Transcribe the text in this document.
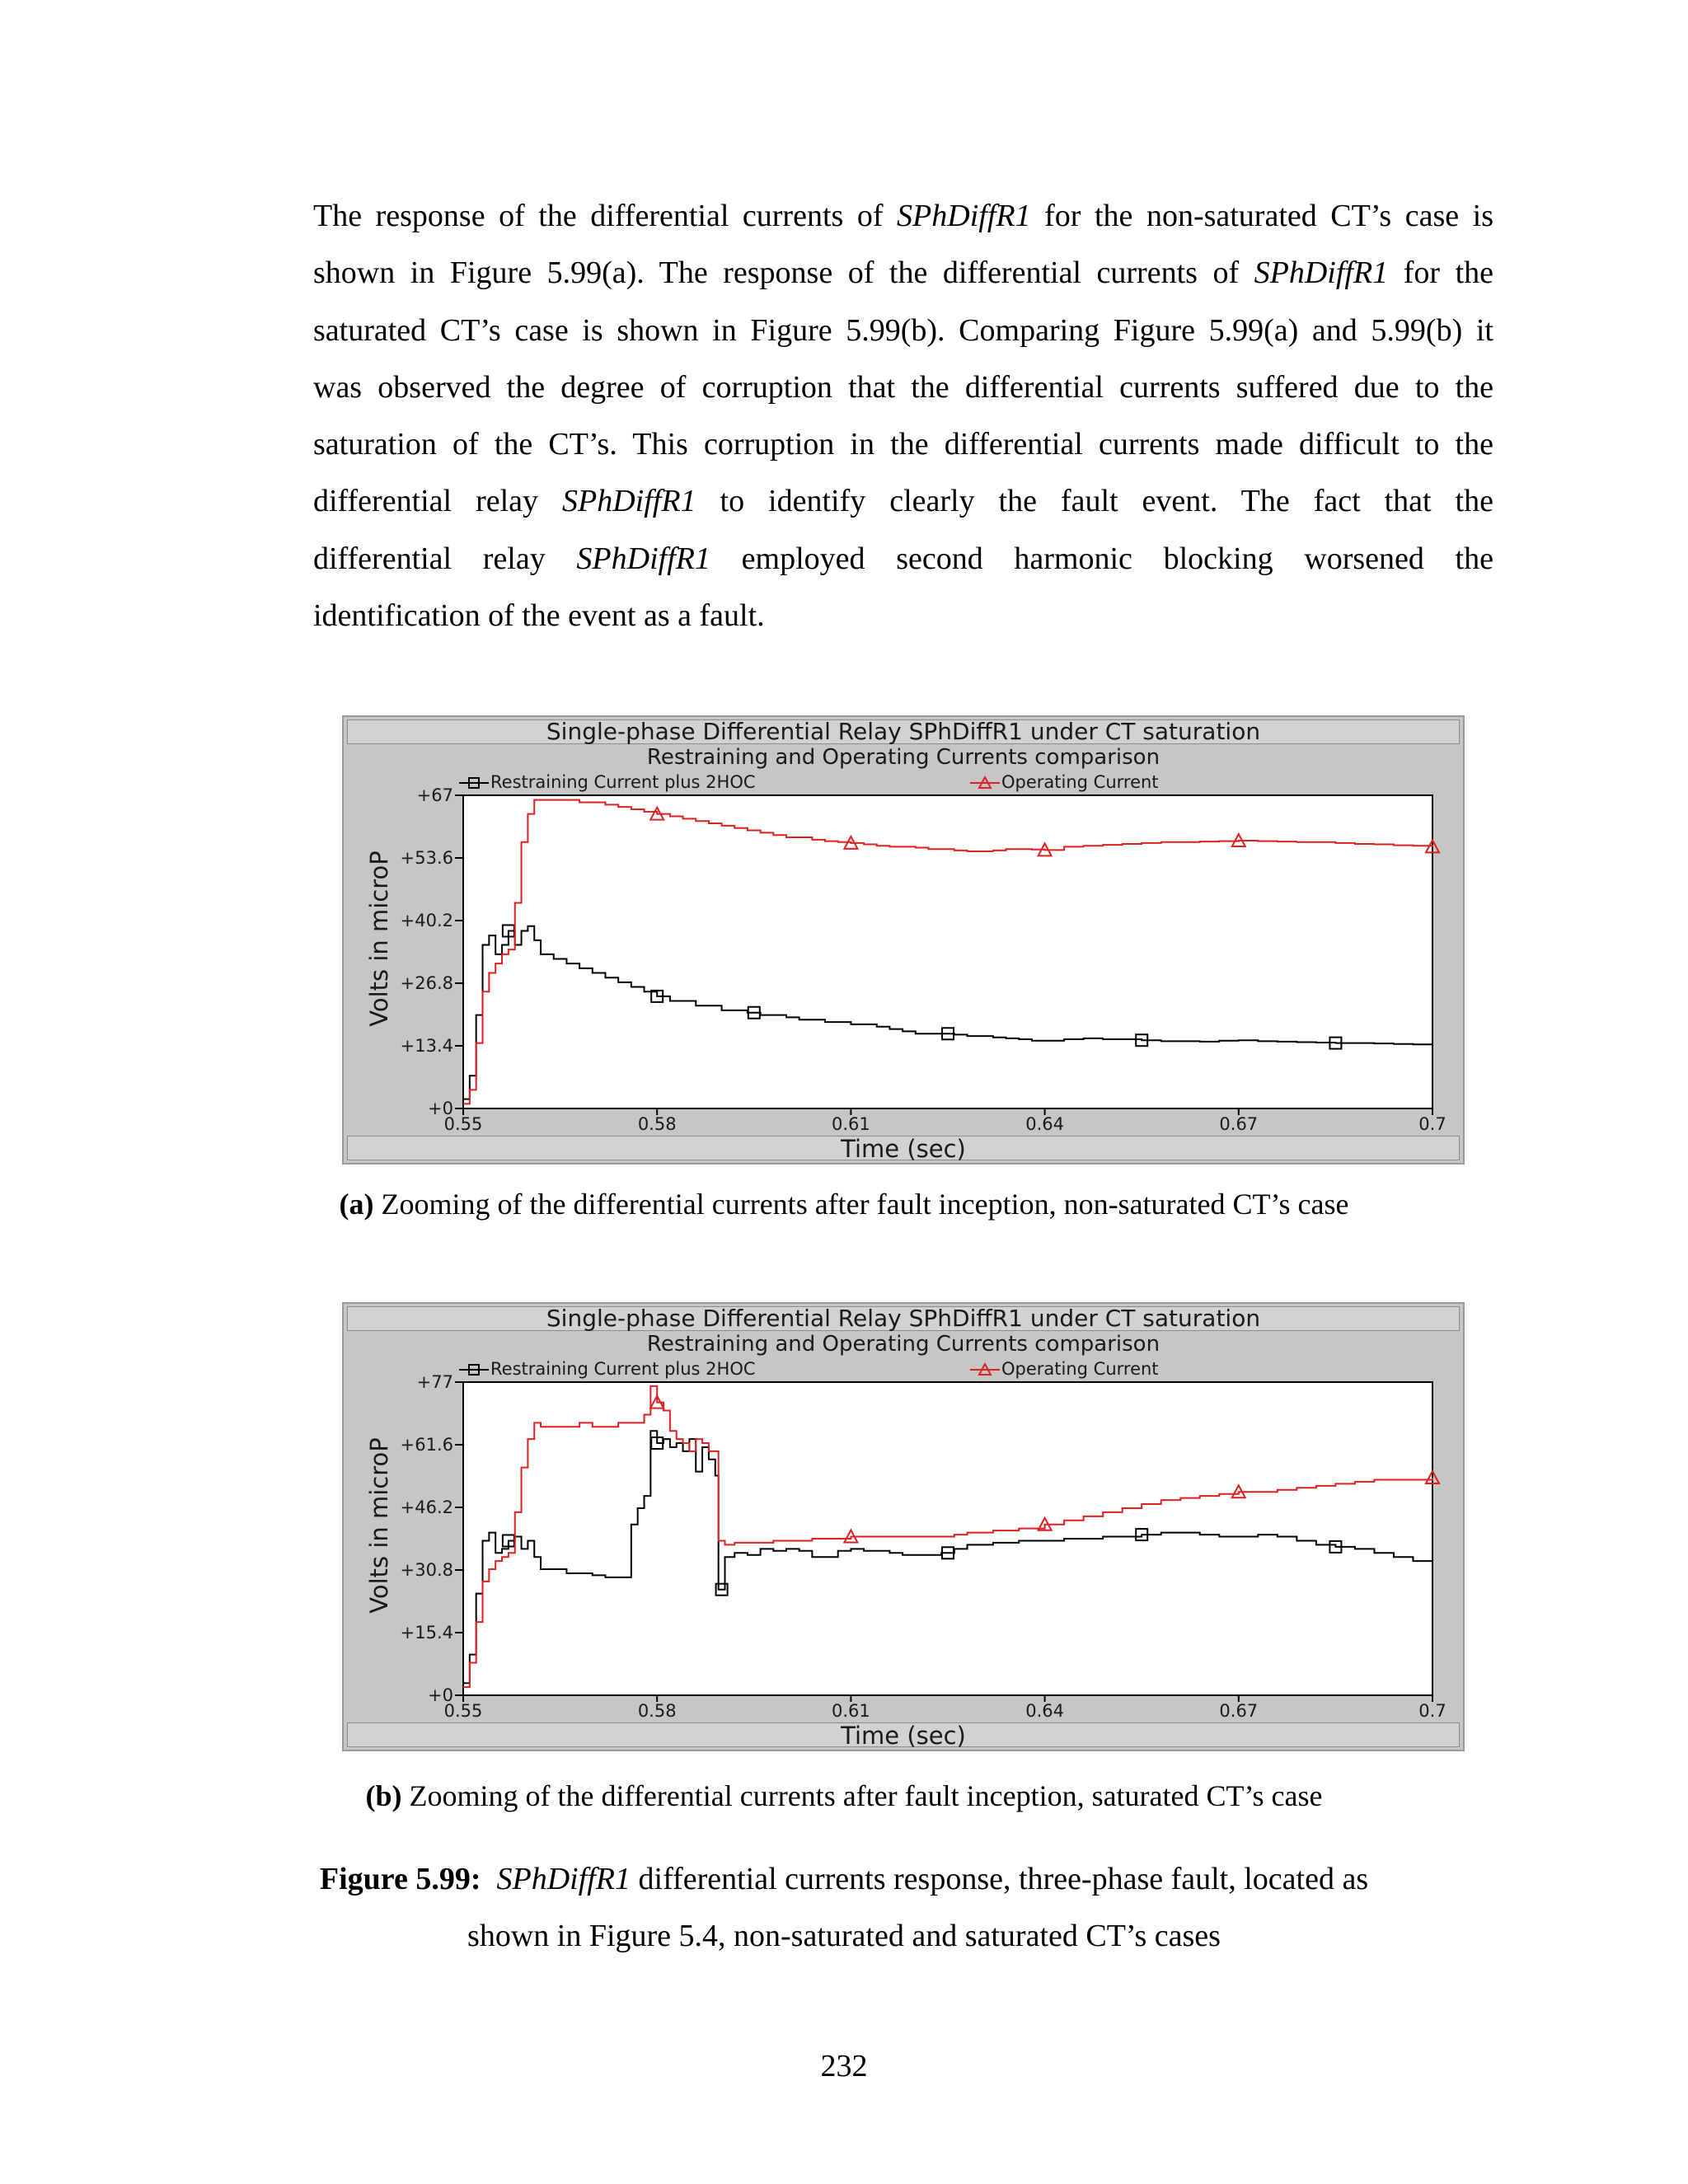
The response of the differential currents of SPhDiffR1 for the non-saturated CT’s case is
shown in Figure 5.99(a). The response of the differential currents of SPhDiffR1 for the
saturated CT’s case is shown in Figure 5.99(b). Comparing Figure 5.99(a) and 5.99(b) it
was observed the degree of corruption that the differential currents suffered due to the
saturation of the CT’s. This corruption in the differential currents made difficult to the
differential relay SPhDiffR1 to identify clearly the fault event. The fact that the
differential relay SPhDiffR1 employed second harmonic blocking worsened the
identification of the event as a fault.
Single-phase Differential Relay SPhDiffR1 under CT saturation
Restraining and Operating Currents comparison
Volts in microP
Time (sec)
+0
+13.4
+26.8
+40.2
+53.6
+67
0.55	0.58	0.61	0.64	0.67	0.7
Restraining Current plus 2HOC	Operating Current
(a) Zooming of the differential currents after fault inception, non-saturated CT’s case
Single-phase Differential Relay SPhDiffR1 under CT saturation
Restraining and Operating Currents comparison
Volts in microP
Time (sec)
+0
+15.4
+30.8
+46.2
+61.6
+77
0.55	0.58	0.61	0.64	0.67	0.7
Restraining Current plus 2HOC	Operating Current
(b) Zooming of the differential currents after fault inception, saturated CT’s case
Figure 5.99: SPhDiffR1 differential currents response, three-phase fault, located as
shown in Figure 5.4, non-saturated and saturated CT’s cases
232
